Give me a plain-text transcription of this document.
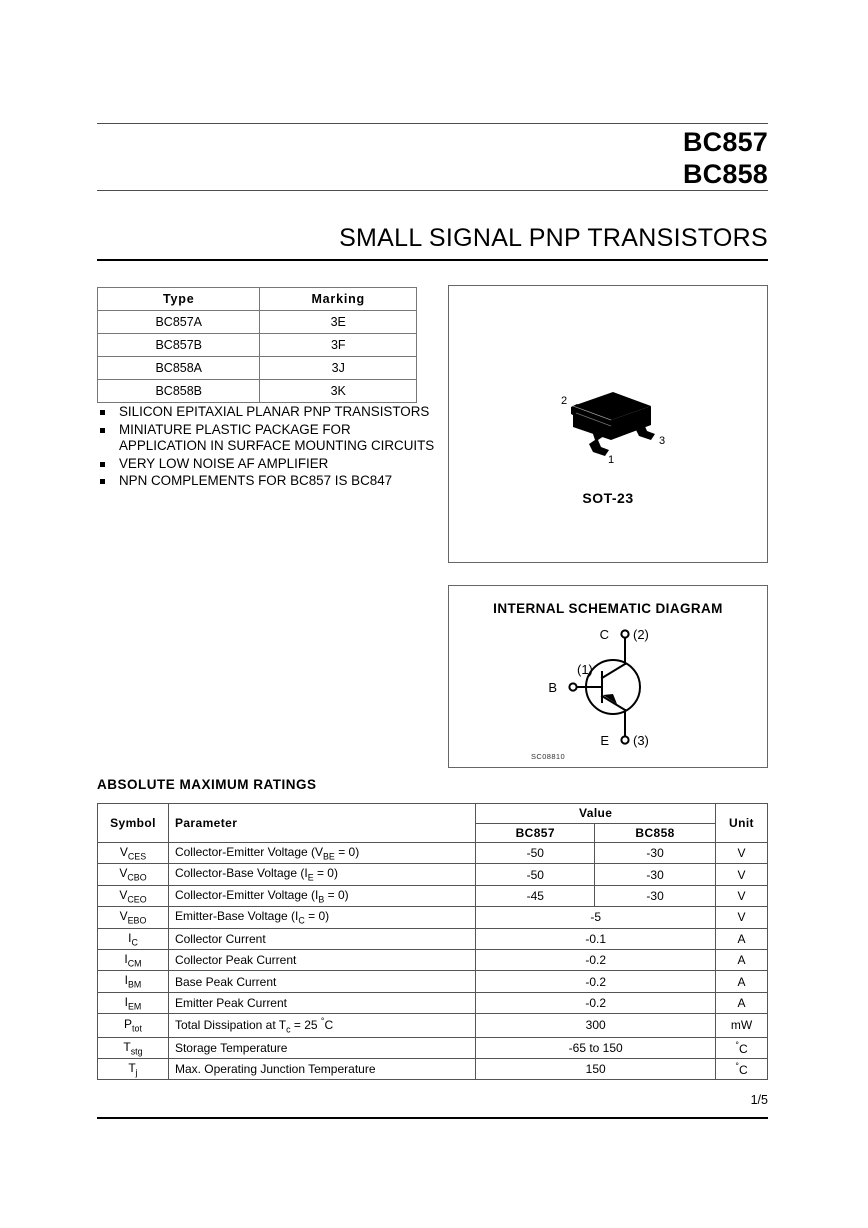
BC857
BC858
SMALL SIGNAL PNP TRANSISTORS
Type	Marking
BC857A	3E
BC857B	3F
BC858A	3J
BC858B	3K
SILICON EPITAXIAL PLANAR PNP TRANSISTORS
MINIATURE PLASTIC PACKAGE FOR APPLICATION IN SURFACE MOUNTING CIRCUITS
VERY LOW NOISE AF AMPLIFIER
NPN COMPLEMENTS FOR BC857 IS BC847
2
1
3
SOT-23
INTERNAL SCHEMATIC DIAGRAM
C (2)
B
(1)
E (3)
SC08810
ABSOLUTE MAXIMUM RATINGS
Symbol	Parameter	Value		Unit
		BC857	BC858	
$V_{CES}$	Collector-Emitter Voltage $(V_{BE} = 0)$	-50	-30	V
$V_{CBO}$	Collector-Base Voltage $(I_E = 0)$	-50	-30	V
$V_{CEO}$	Collector-Emitter Voltage $(I_B = 0)$	-45	-30	V
$V_{EBO}$	Emitter-Base Voltage $(I_C = 0)$	-5		V
$I_C$	Collector Current	-0.1		A
$I_{CM}$	Collector Peak Current	-0.2		A
$I_{BM}$	Base Peak Current	-0.2		A
$I_{EM}$	Emitter Peak Current	-0.2		A
$P_{tot}$	Total Dissipation at $T_c = 25$ °C	300		mW
$T_{stg}$	Storage Temperature	-65 to 150		°C
$T_j$	Max. Operating Junction Temperature	150		°C
1/5
